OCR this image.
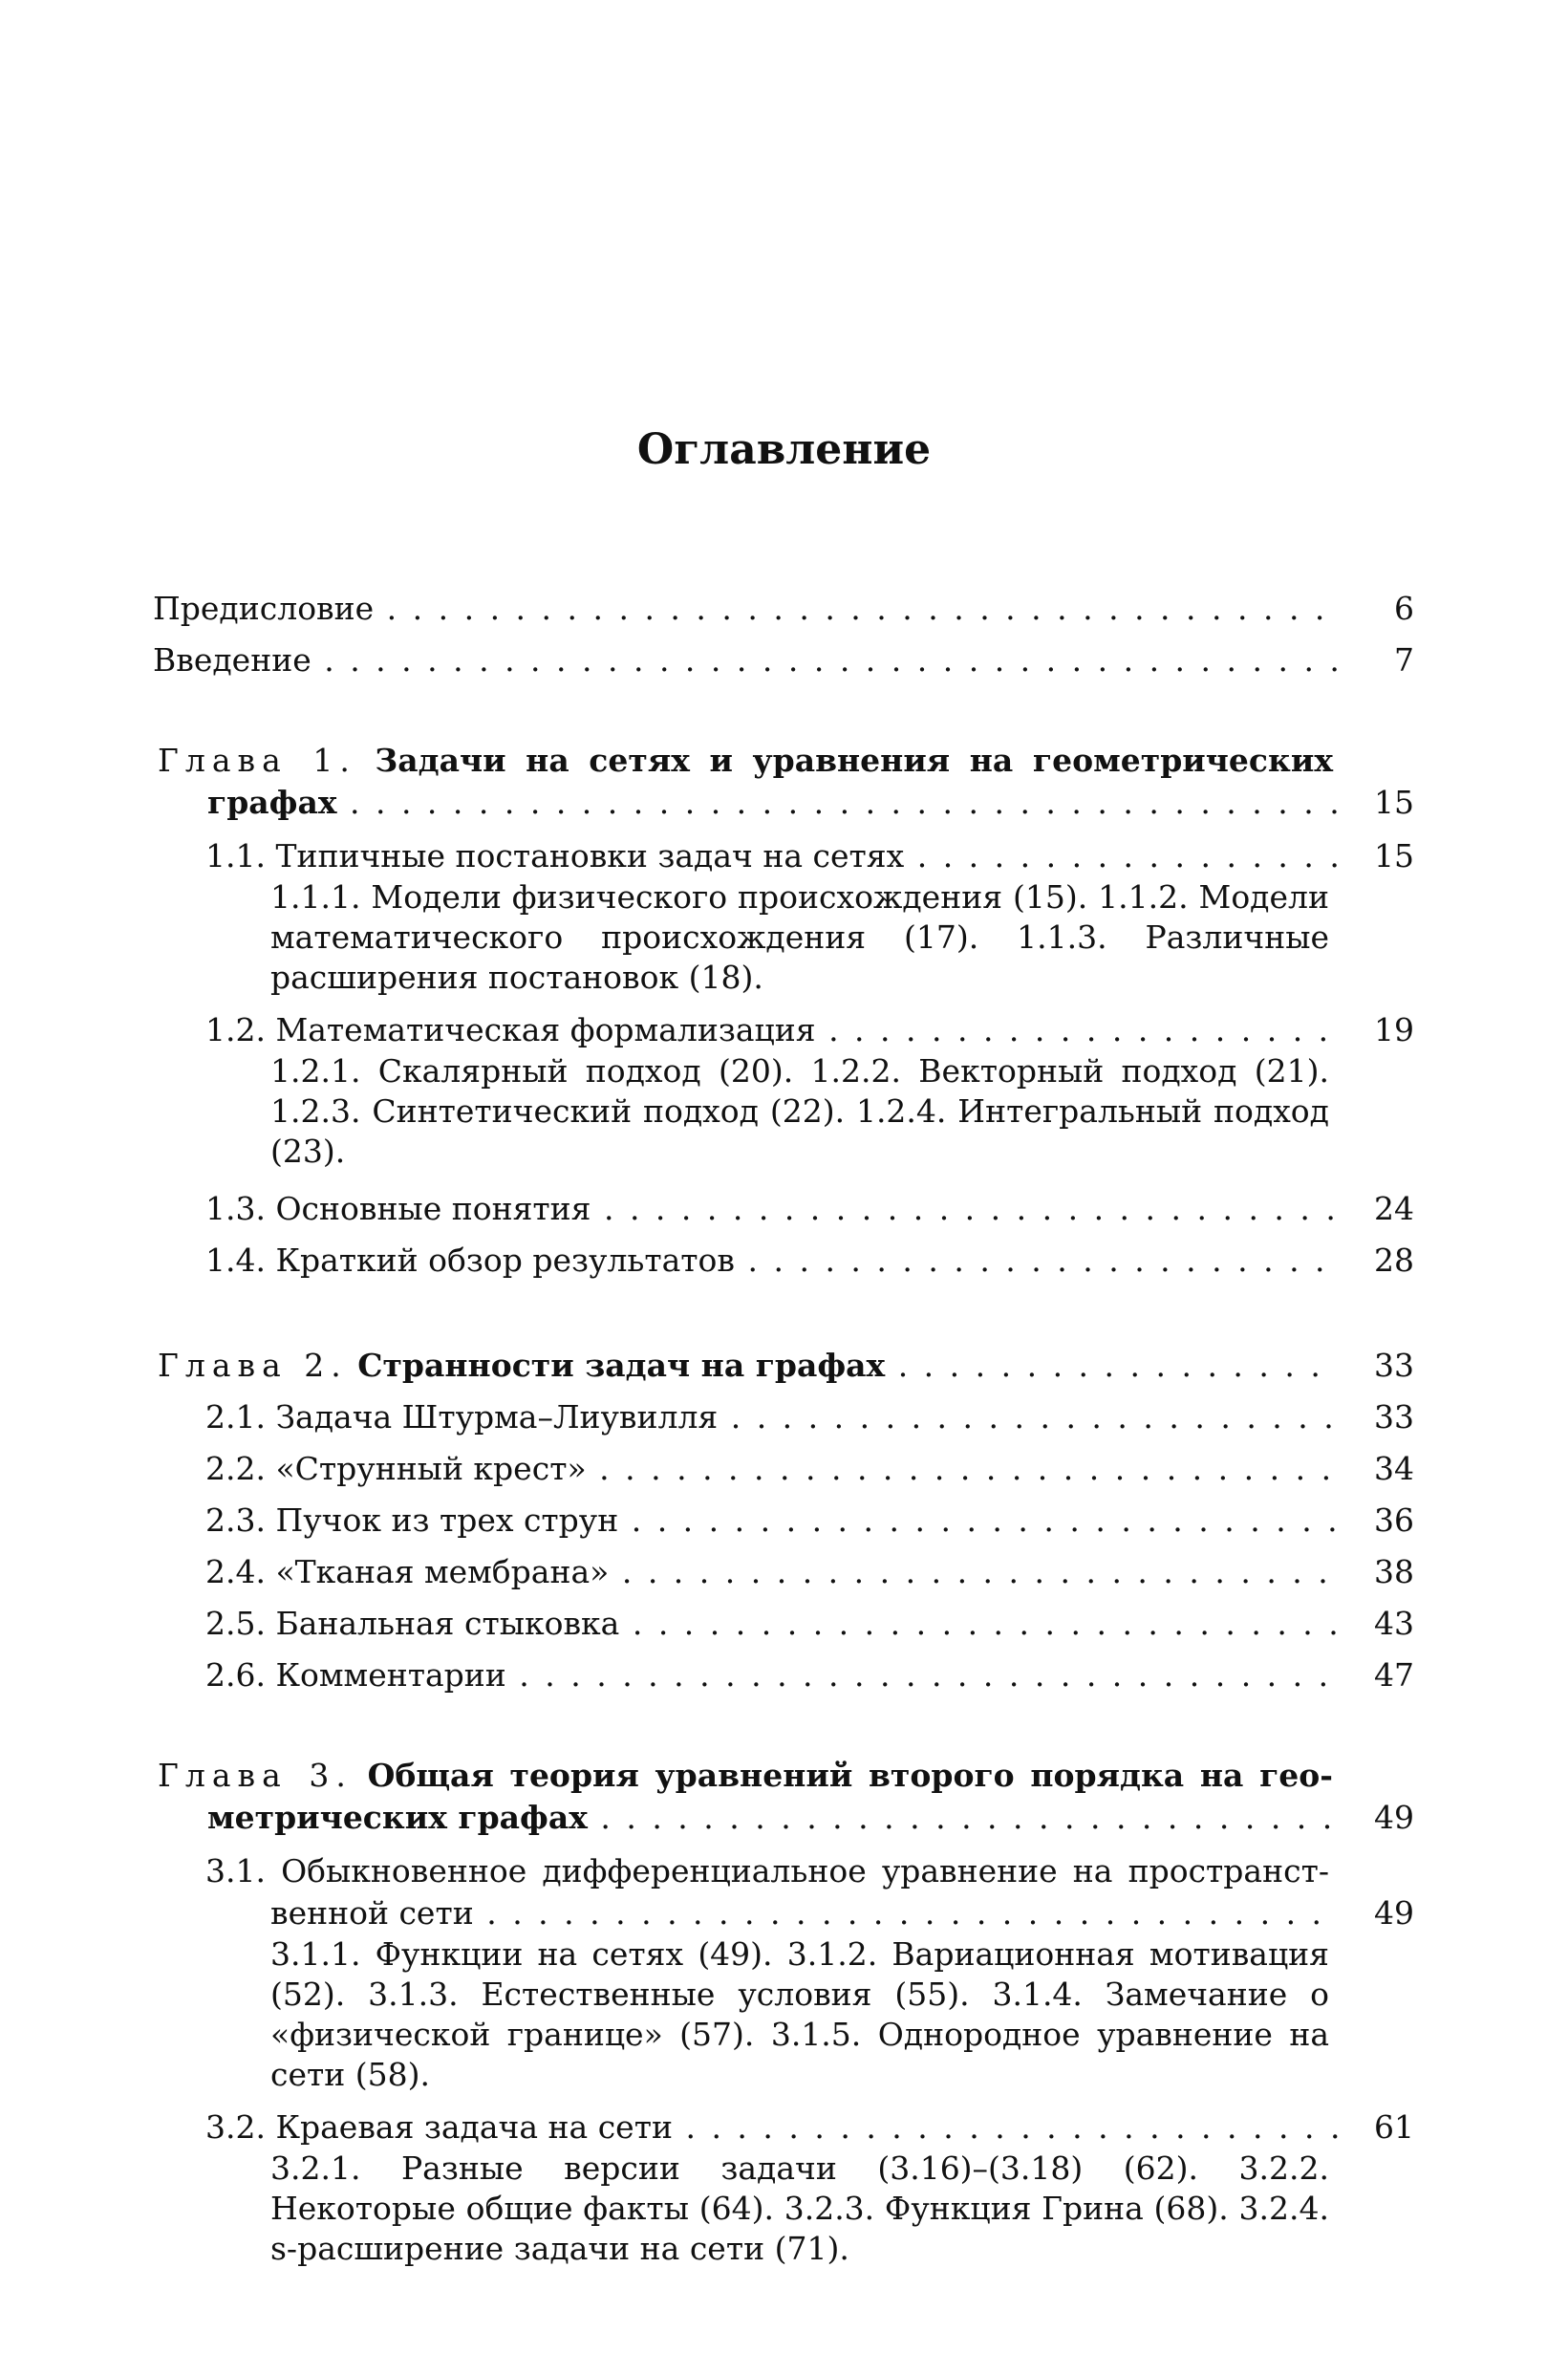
Оглавление
Предисловие . . .	6
Введение . . .	7
Глава 1. Задачи на сетях и уравнения на геометрических
графах . . .	15
1.1. Типичные постановки задач на сетях . . .	15
1.1.1. Модели физического происхождения (15). 1.1.2. Модели математического происхождения (17). 1.1.3. Различные расширения постановок (18).
1.2. Математическая формализация . . .	19
1.2.1. Скалярный подход (20). 1.2.2. Векторный подход (21). 1.2.3. Синтетический подход (22). 1.2.4. Интегральный подход (23).
1.3. Основные понятия . . .	24
1.4. Краткий обзор результатов . . .	28
Глава 2. Странности задач на графах . . .	33
2.1. Задача Штурма–Лиувилля . . .	33
2.2. «Струнный крест» . . .	34
2.3. Пучок из трех струн . . .	36
2.4. «Тканая мембрана» . . .	38
2.5. Банальная стыковка . . .	43
2.6. Комментарии . . .	47
Глава 3. Общая теория уравнений второго порядка на гео-
метрических графах . . .	49
3.1. Обыкновенное дифференциальное уравнение на пространст-
венной сети . . .	49
3.1.1. Функции на сетях (49). 3.1.2. Вариационная мотивация (52). 3.1.3. Естественные условия (55). 3.1.4. Замечание о «физической границе» (57). 3.1.5. Однородное уравнение на сети (58).
3.2. Краевая задача на сети . . .	61
3.2.1. Разные версии задачи (3.16)–(3.18) (62). 3.2.2. Некоторые общие факты (64). 3.2.3. Функция Грина (68). 3.2.4. s-расширение задачи на сети (71).
